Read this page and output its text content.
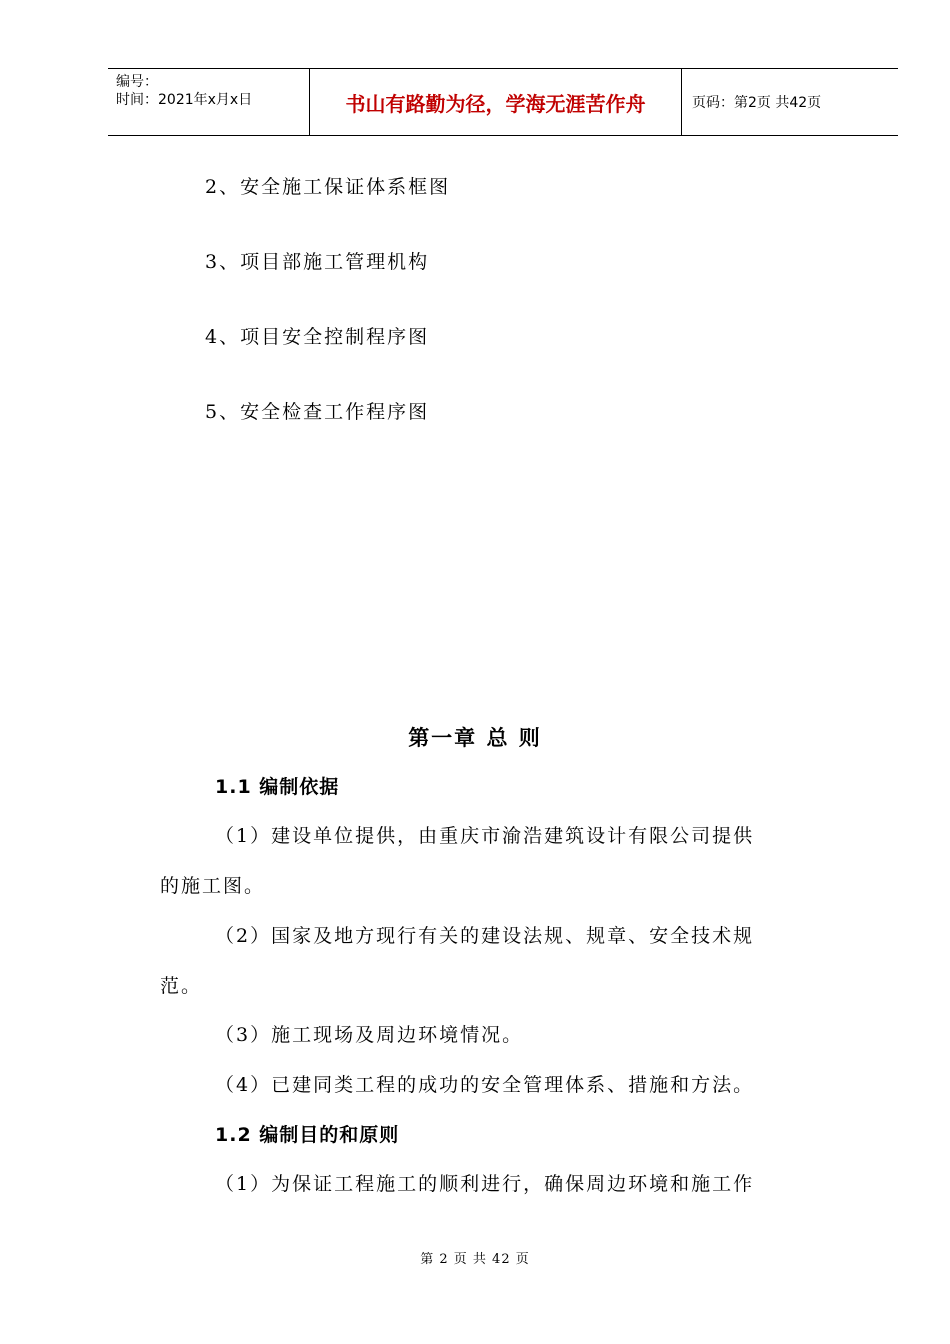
编号：
时间：2021年x月x日	书山有路勤为径，学海无涯苦作舟	页码：第2页 共42页
2、安全施工保证体系框图
3、项目部施工管理机构
4、项目安全控制程序图
5、安全检查工作程序图
第一章 总 则
1.1 编制依据
（1）建设单位提供，由重庆市渝浩建筑设计有限公司提供
的施工图。
（2）国家及地方现行有关的建设法规、规章、安全技术规
范。
（3）施工现场及周边环境情况。
（4）已建同类工程的成功的安全管理体系、措施和方法。
1.2 编制目的和原则
（1）为保证工程施工的顺利进行，确保周边环境和施工作
第 2 页 共 42 页
